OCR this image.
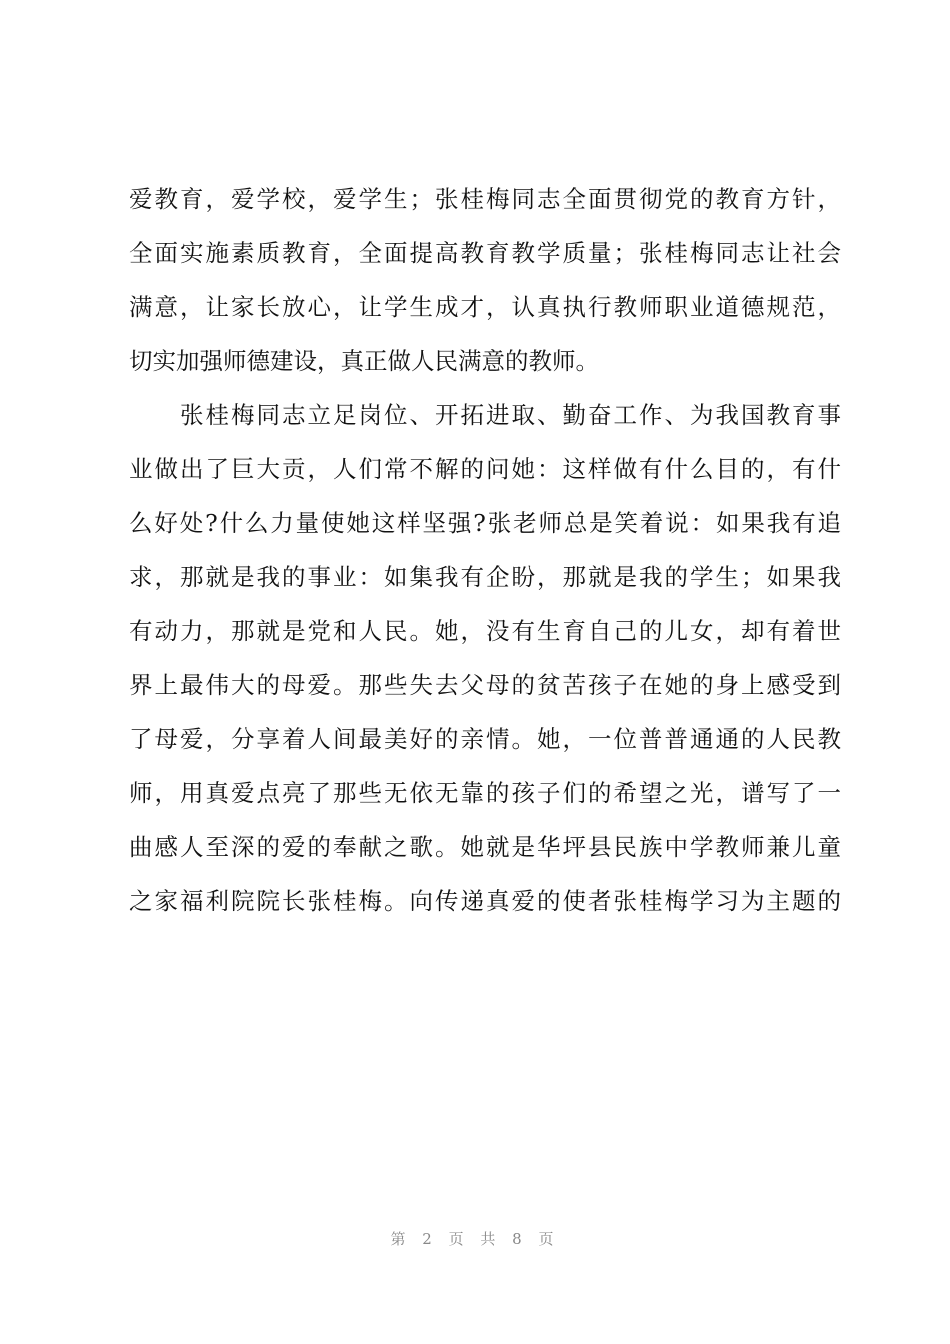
爱教育，爱学校，爱学生；张桂梅同志全面贯彻党的教育方针，
全面实施素质教育，全面提高教育教学质量；张桂梅同志让社会
满意，让家长放心，让学生成才，认真执行教师职业道德规范，
切实加强师德建设，真正做人民满意的教师。
　　张桂梅同志立足岗位、开拓进取、勤奋工作、为我国教育事
业做出了巨大贡，人们常不解的问她：这样做有什么目的，有什
么好处?什么力量使她这样坚强?张老师总是笑着说：如果我有追
求，那就是我的事业：如集我有企盼，那就是我的学生；如果我
有动力，那就是党和人民。她，没有生育自己的儿女，却有着世
界上最伟大的母爱。那些失去父母的贫苦孩子在她的身上感受到
了母爱，分享着人间最美好的亲情。她，一位普普通通的人民教
师，用真爱点亮了那些无依无靠的孩子们的希望之光，谱写了一
曲感人至深的爱的奉献之歌。她就是华坪县民族中学教师兼儿童
之家福利院院长张桂梅。向传递真爱的使者张桂梅学习为主题的
第 2 页 共 8 页
